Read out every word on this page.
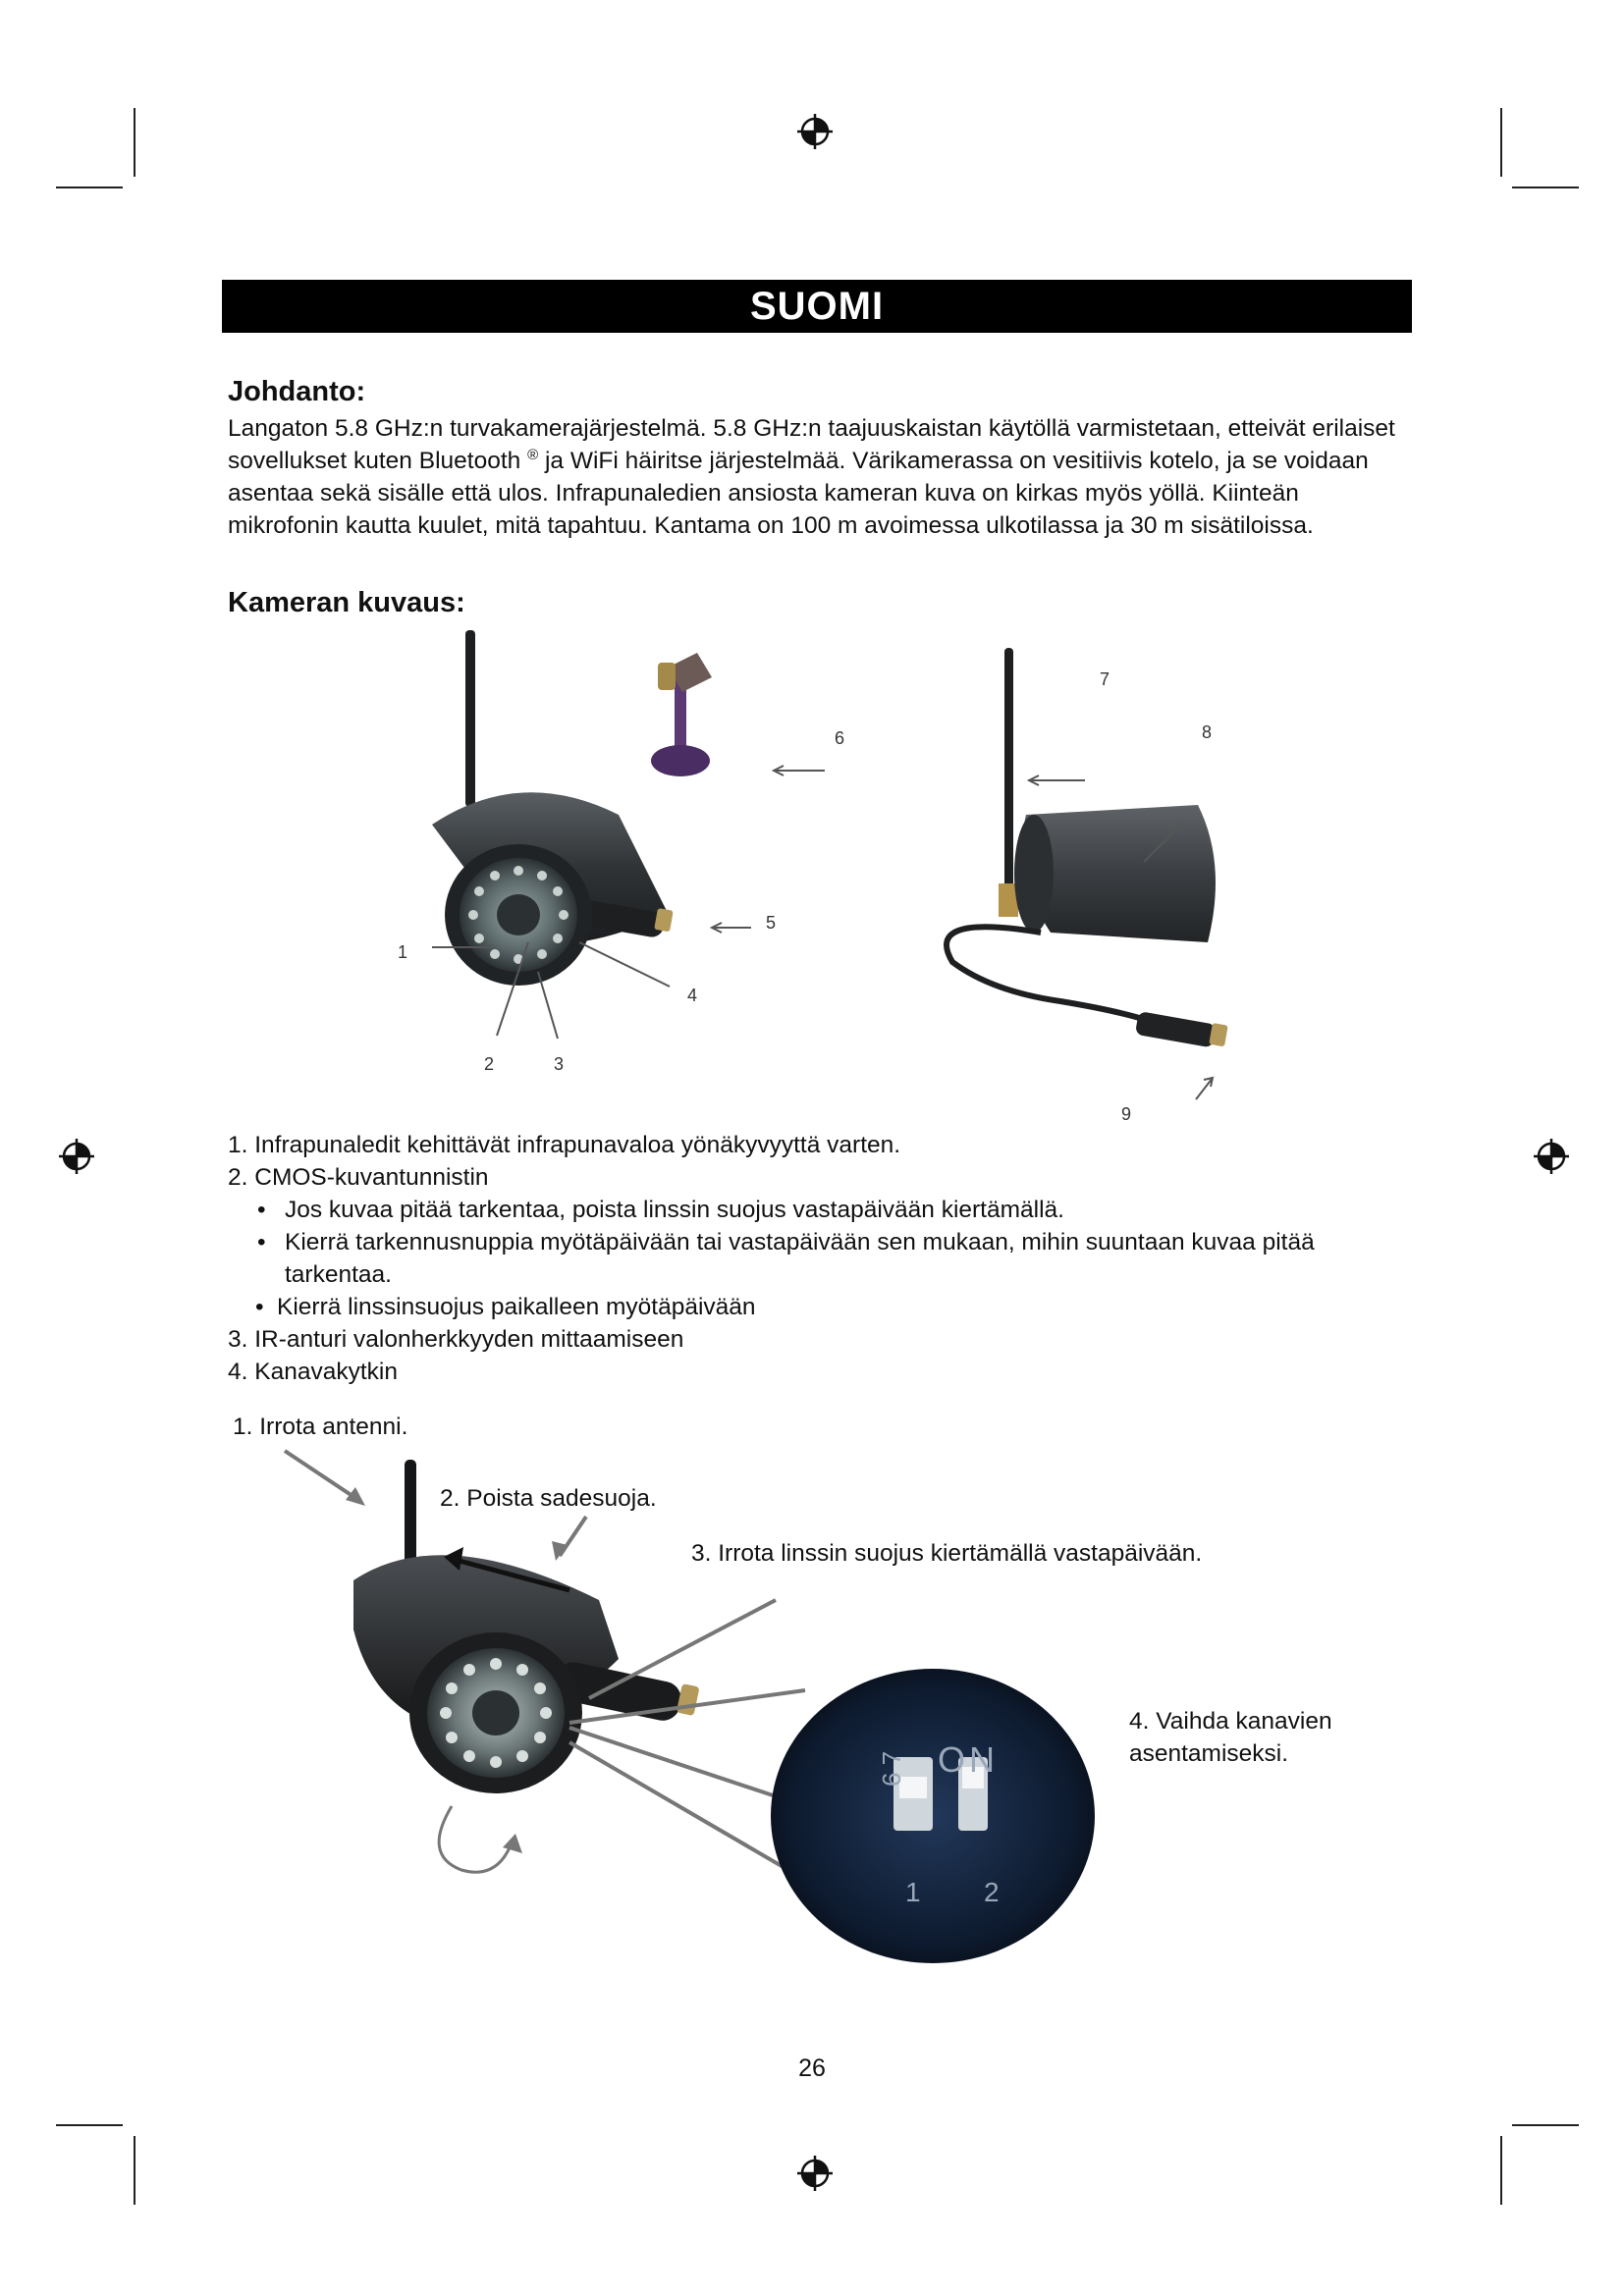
SUOMI
Johdanto:
Langaton 5.8 GHz:n turvakamerajärjestelmä. 5.8 GHz:n taajuuskaistan käytöllä varmistetaan, etteivät erilaiset sovellukset kuten Bluetooth ® ja WiFi häiritse järjestelmää. Värikamerassa on vesitiivis kotelo, ja se voidaan asentaa sekä sisälle että ulos. Infrapunaledien ansiosta kameran kuva on kirkas myös yöllä. Kiinteän mikrofonin kautta kuulet, mitä tapahtuu. Kantama on 100 m avoimessa ulkotilassa ja 30 m sisätiloissa.
Kameran kuvaus:
1
2	3
4
5
6
7
8
9
1. Infrapunaledit kehittävät infrapunavaloa yönäkyvyyttä varten.
2. CMOS-kuvantunnistin
• Jos kuvaa pitää tarkentaa, poista linssin suojus vastapäivään kiertämällä.
• Kierrä tarkennusnuppia myötäpäivään tai vastapäivään sen mukaan, mihin suuntaan kuvaa pitää tarkentaa.
• Kierrä linssinsuojus paikalleen myötäpäivään
3. IR-anturi valonherkkyyden mittaamiseen
4. Kanavakytkin
1. Irrota antenni.
2. Poista sadesuoja.
3. Irrota linssin suojus kiertämällä vastapäivään.
4. Vaihda kanavien
asentamiseksi.
ON
6 7
1 2
26
